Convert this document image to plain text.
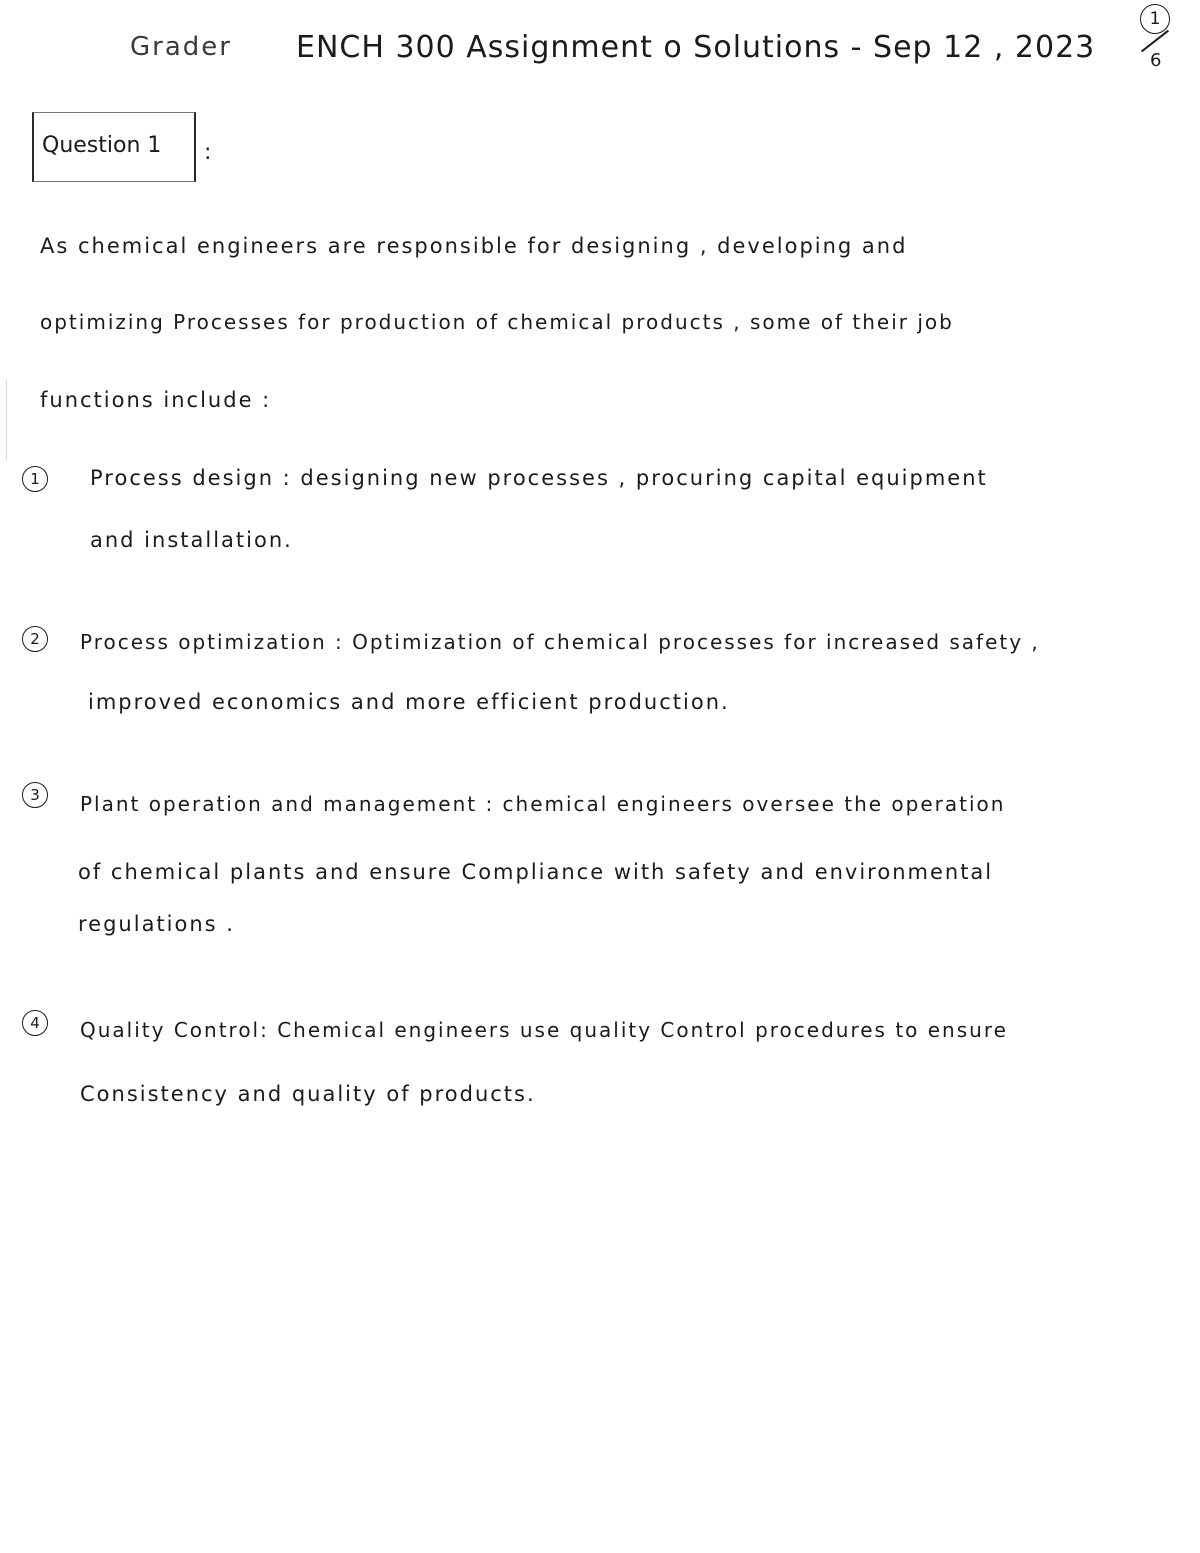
Grader ENCH 300 Assignment o Solutions - Sep 12 , 2023
1
6
Question 1 :
As chemical engineers are responsible for designing , developing and
optimizing Processes for production of chemical products , some of their job
functions include :
1	Process design : designing new processes , procuring capital equipment
and installation.
2	Process optimization : Optimization of chemical processes for increased safety ,
improved economics and more efficient production.
3	Plant operation and management : chemical engineers oversee the operation
of chemical plants and ensure Compliance with safety and environmental
regulations .
4	Quality Control: Chemical engineers use quality Control procedures to ensure
Consistency and quality of products.
